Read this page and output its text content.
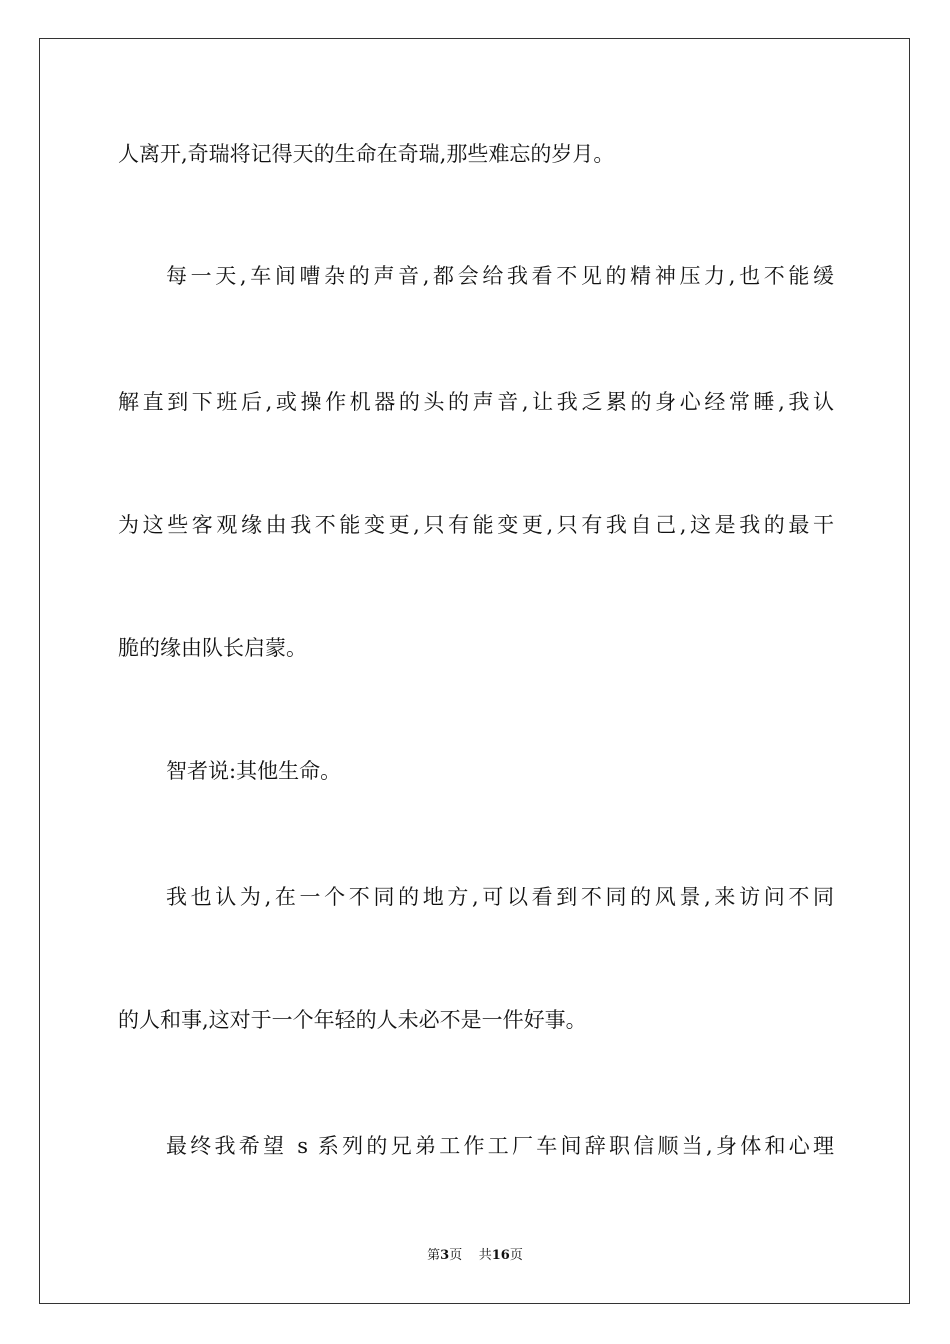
人离开,奇瑞将记得天的生命在奇瑞,那些难忘的岁月。
每一天,车间嘈杂的声音,都会给我看不见的精神压力,也不能缓
解直到下班后,或操作机器的头的声音,让我乏累的身心经常睡,我认
为这些客观缘由我不能变更,只有能变更,只有我自己,这是我的最干
脆的缘由队长启蒙。
智者说:其他生命。
我也认为,在一个不同的地方,可以看到不同的风景,来访问不同
的人和事,这对于一个年轻的人未必不是一件好事。
最终我希望 s 系列的兄弟工作工厂车间辞职信顺当,身体和心理
第3页 共16页
